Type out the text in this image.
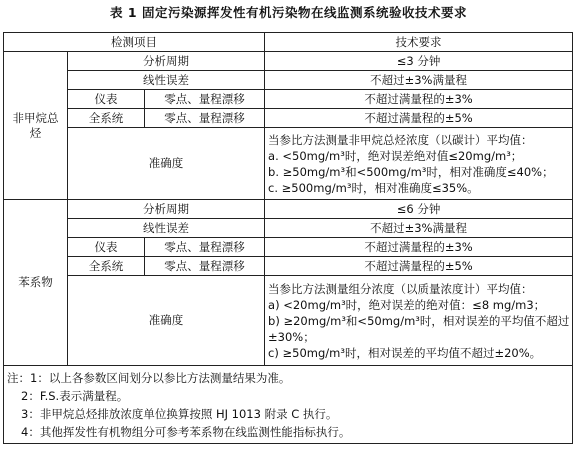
表 1 固定污染源挥发性有机污染物在线监测系统验收技术要求
检测项目			技术要求
非甲烷总烃	分析周期		≤3 分钟
	线性误差		不超过±3%满量程
	仪表	零点、量程漂移	不超过满量程的±3%
	全系统	零点、量程漂移	不超过满量程的±5%
	准确度		当参比方法测量非甲烷总烃浓度（以碳计）平均值：
a. <50mg/m³时，绝对误差绝对值≤20mg/m³；
b. ≥50mg/m³和<500mg/m³时，相对准确度≤40%；
c. ≥500mg/m³时，相对准确度≤35%。

苯系物	分析周期		≤6 分钟
	线性误差		不超过±3%满量程
	仪表	零点、量程漂移	不超过满量程的±3%
	全系统	零点、量程漂移	不超过满量程的±5%
	准确度		当参比方法测量组分浓度（以质量浓度计）平均值：
a) <20mg/m³时，绝对误差的绝对值：≤8 mg/m3；
b) ≥20mg/m³和<50mg/m³时，相对误差的平均值不超过
±30%；
c) ≥50mg/m³时，相对误差的平均值不超过±20%。

注：1：以上各参数区间划分以参比方法测量结果为准。
2：F.S.表示满量程。
3：非甲烷总烃排放浓度单位换算按照 HJ 1013 附录 C 执行。
4：其他挥发性有机物组分可参考苯系物在线监测性能指标执行。			
